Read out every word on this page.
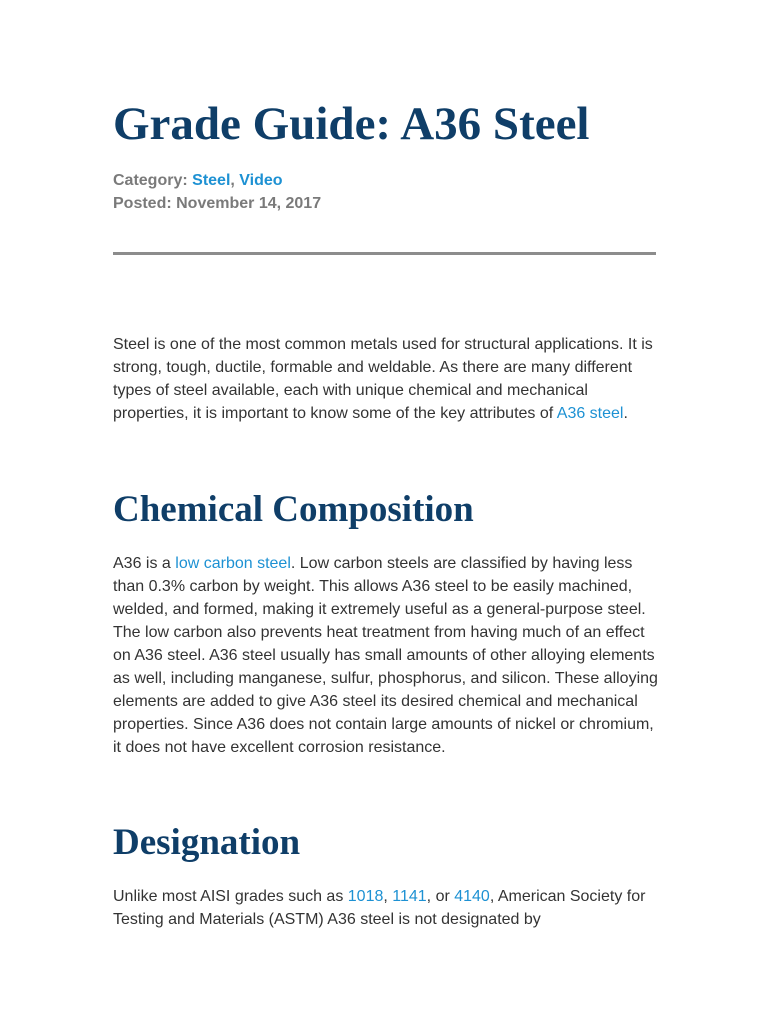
Grade Guide: A36 Steel
Category: Steel, Video
Posted: November 14, 2017

Steel is one of the most common metals used for structural applications. It is strong, tough, ductile, formable and weldable. As there are many different types of steel available, each with unique chemical and mechanical properties, it is important to know some of the key attributes of A36 steel.

Chemical Composition

A36 is a low carbon steel. Low carbon steels are classified by having less than 0.3% carbon by weight. This allows A36 steel to be easily machined, welded, and formed, making it extremely useful as a general-purpose steel. The low carbon also prevents heat treatment from having much of an effect on A36 steel. A36 steel usually has small amounts of other alloying elements as well, including manganese, sulfur, phosphorus, and silicon. These alloying elements are added to give A36 steel its desired chemical and mechanical properties. Since A36 does not contain large amounts of nickel or chromium, it does not have excellent corrosion resistance.

Designation

Unlike most AISI grades such as 1018, 1141, or 4140, American Society for Testing and Materials (ASTM) A36 steel is not designated by
